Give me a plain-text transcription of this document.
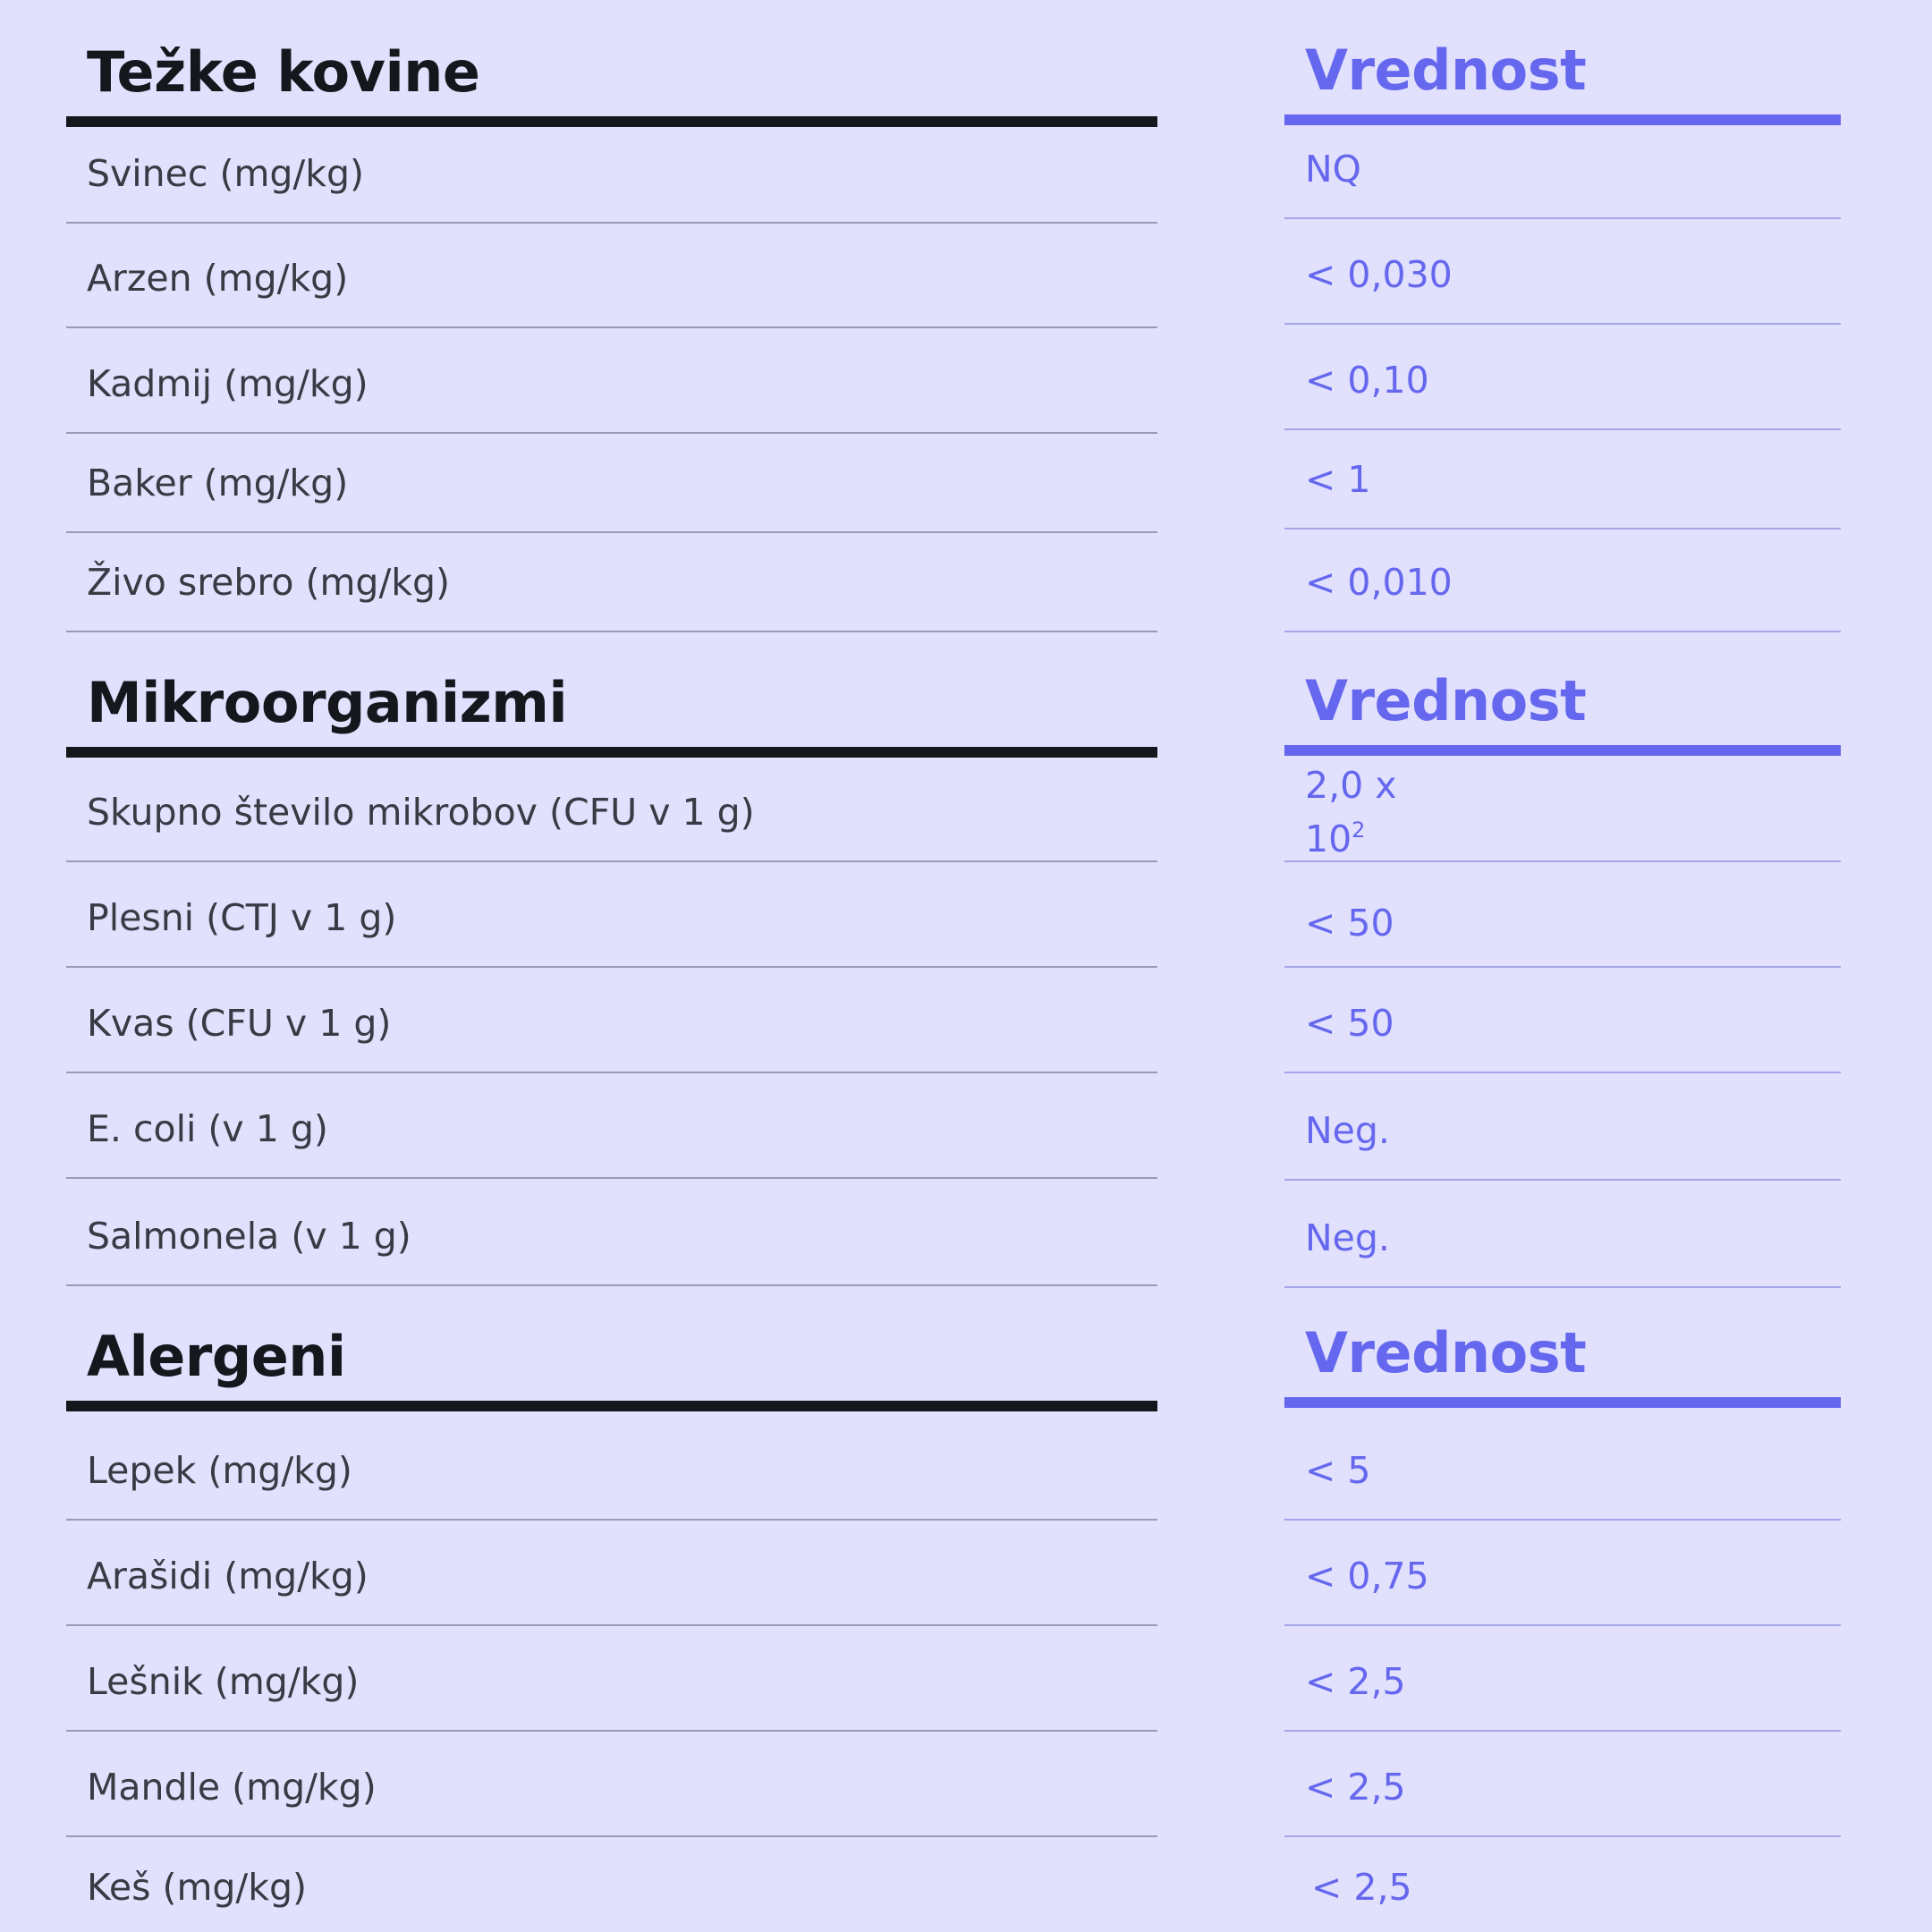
Težke kovine
Svinec (mg/kg)
Arzen (mg/kg)
Kadmij (mg/kg)
Baker (mg/kg)
Živo srebro (mg/kg)
Mikroorganizmi
Skupno število mikrobov (CFU v 1 g)
Plesni (CTJ v 1 g)
Kvas (CFU v 1 g)
E. coli (v 1 g)
Salmonela (v 1 g)
Alergeni
Lepek (mg/kg)
Arašidi (mg/kg)
Lešnik (mg/kg)
Mandle (mg/kg)
Keš (mg/kg)
Vrednost
NQ
< 0,030
< 0,10
< 1
< 0,010
Vrednost
2,0 x
$10^2$
< 50
< 50
Neg.
Neg.
Vrednost
< 5
< 0,75
< 2,5
< 2,5
< 2,5
